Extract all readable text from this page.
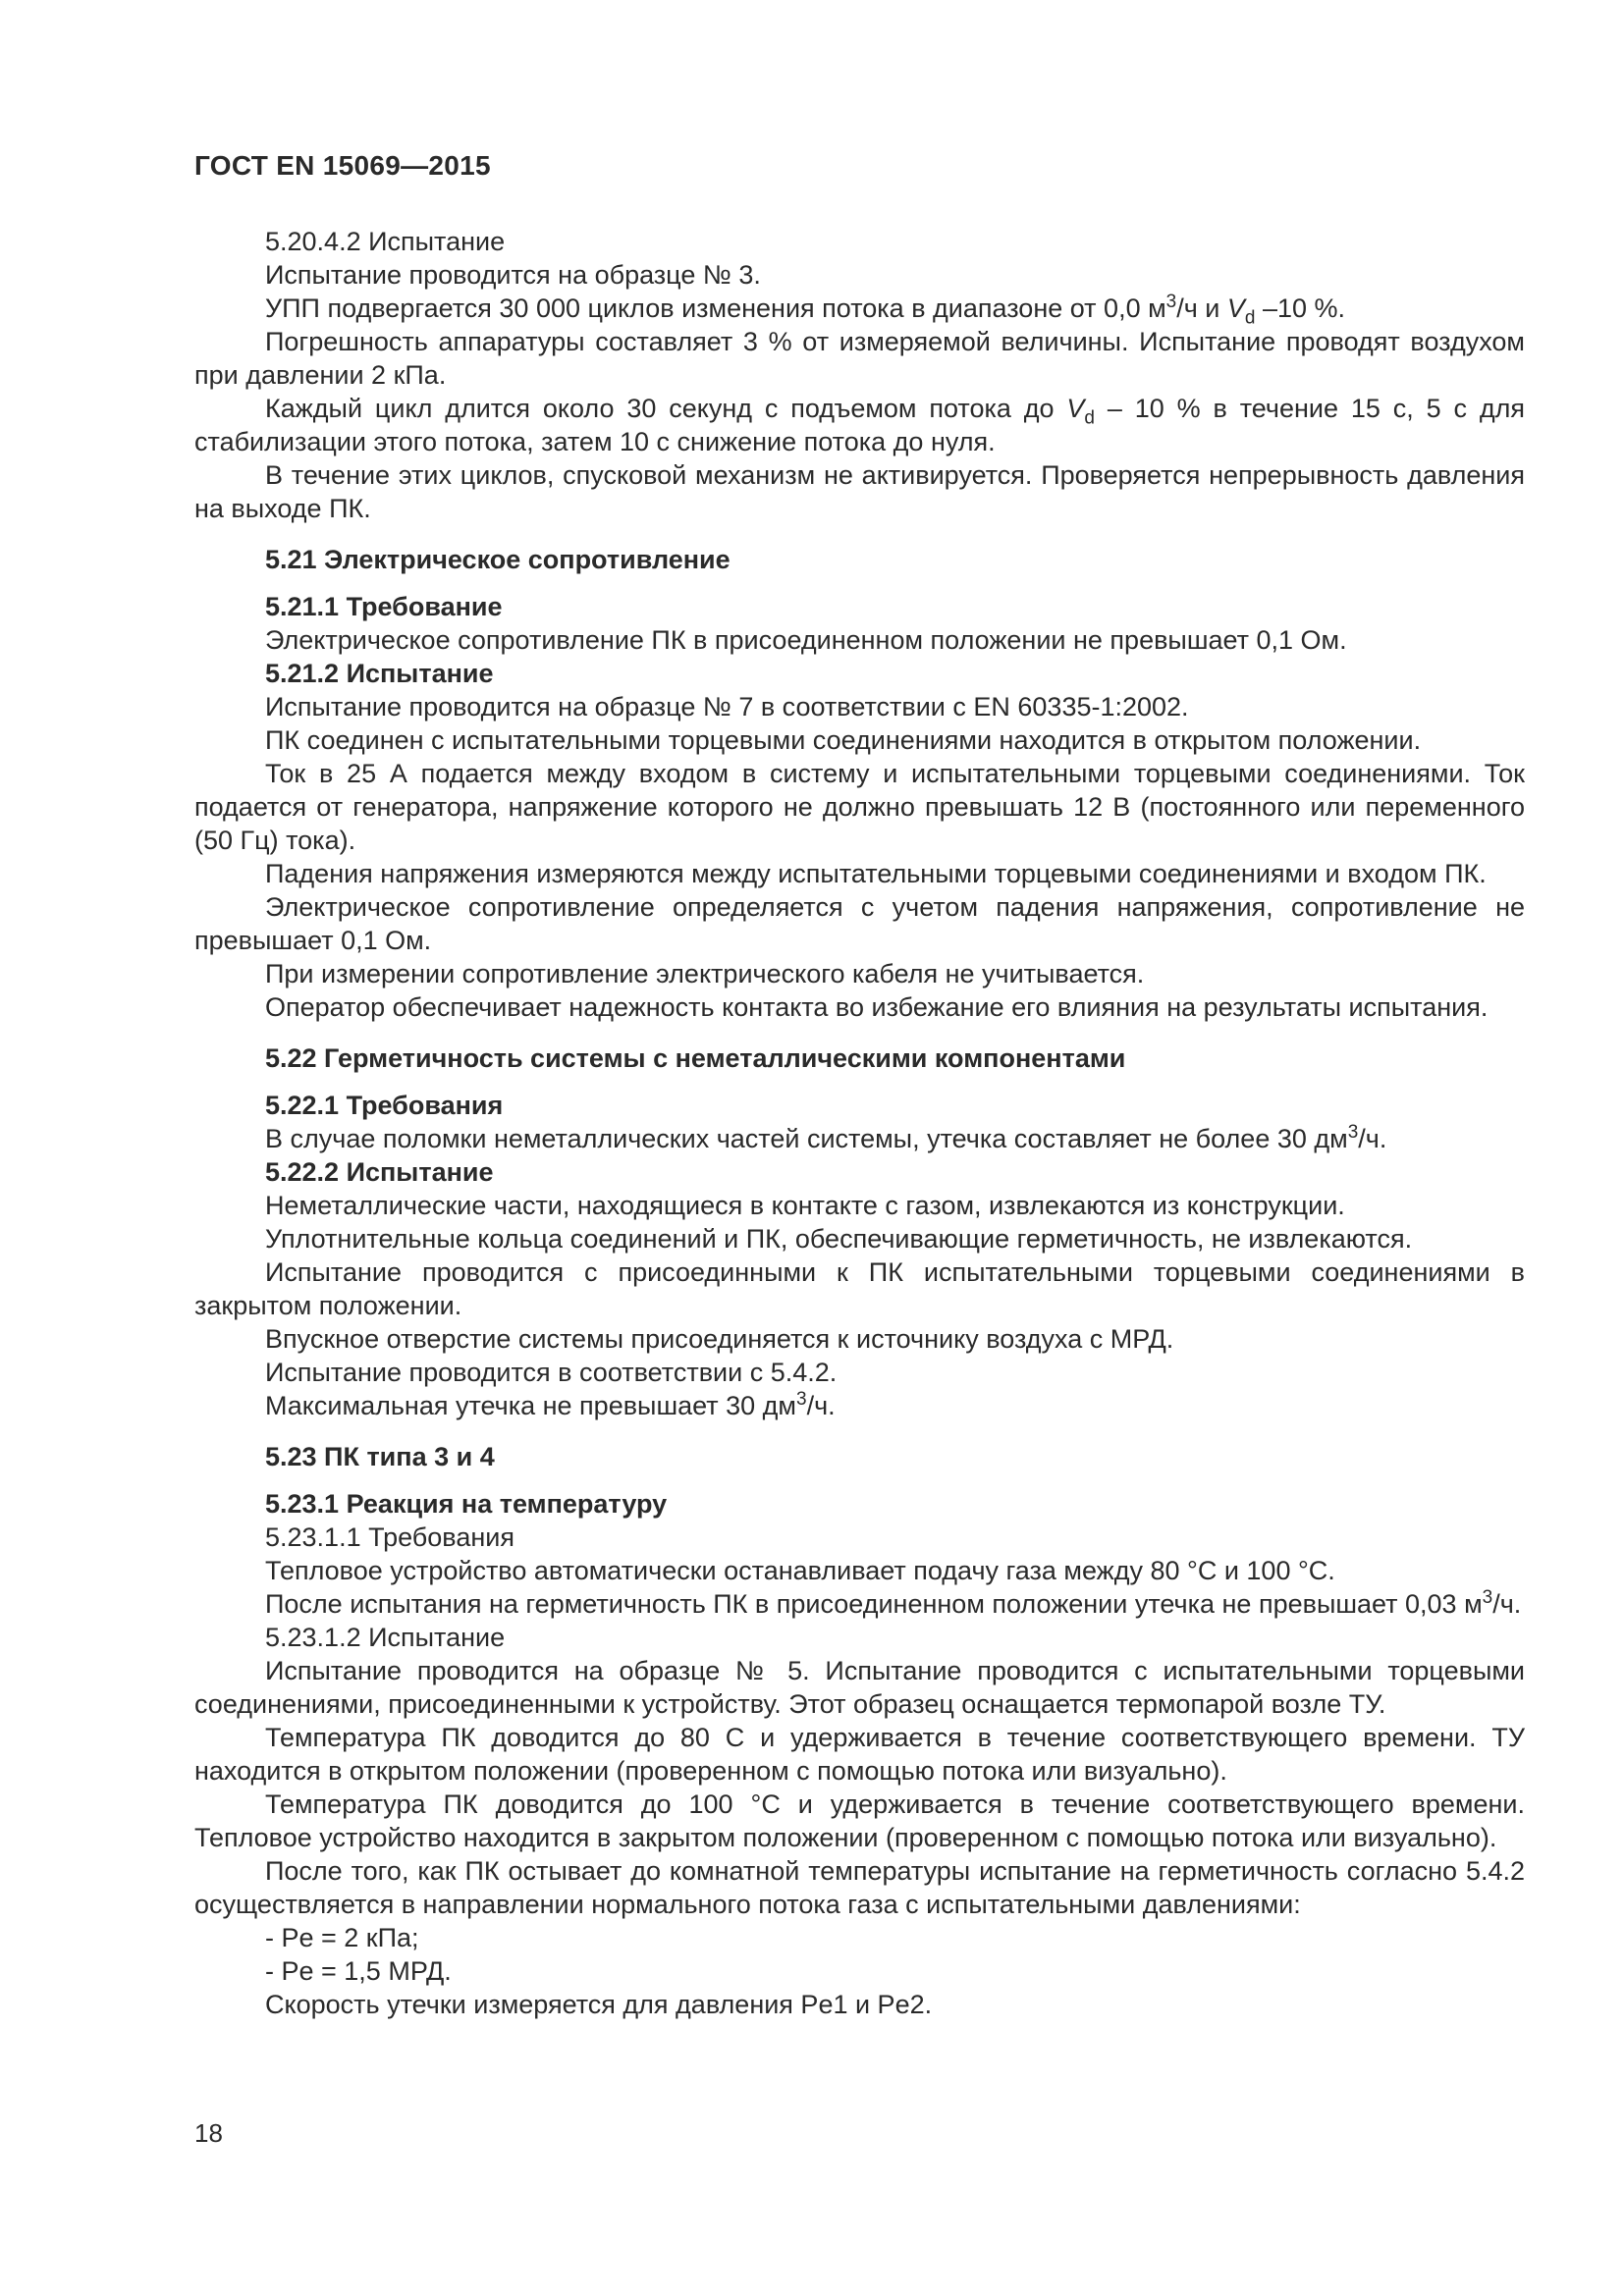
ГОСТ EN 15069—2015

5.20.4.2 Испытание

Испытание проводится на образце № 3.

УПП подвергается 30 000 циклов изменения потока в диапазоне от 0,0 $м^3/ч$ и $V_d$ –10 %.

Погрешность аппаратуры составляет 3 % от измеряемой величины. Испытание проводят воздухом при давлении 2 кПа.

Каждый цикл длится около 30 секунд с подъемом потока до $V_d - 10$ % в течение 15 с, 5 с для стабилизации этого потока, затем 10 с снижение потока до нуля.

В течение этих циклов, спусковой механизм не активируется. Проверяется непрерывность давления на выходе ПК.

5.21 Электрическое сопротивление

5.21.1 Требование

Электрическое сопротивление ПК в присоединенном положении не превышает 0,1 Ом.

5.21.2 Испытание

Испытание проводится на образце № 7 в соответствии с EN 60335-1:2002.

ПК соединен с испытательными торцевыми соединениями находится в открытом положении.

Ток в 25 А подается между входом в систему и испытательными торцевыми соединениями. Ток подается от генератора, напряжение которого не должно превышать 12 В (постоянного или переменного (50 Гц) тока).

Падения напряжения измеряются между испытательными торцевыми соединениями и входом ПК.

Электрическое сопротивление определяется с учетом падения напряжения, сопротивление не превышает 0,1 Ом.

При измерении сопротивление электрического кабеля не учитывается.

Оператор обеспечивает надежность контакта во избежание его влияния на результаты испытания.

5.22 Герметичность системы с неметаллическими компонентами

5.22.1 Требования

В случае поломки неметаллических частей системы, утечка составляет не более 30 $дм^3/ч$.

5.22.2 Испытание

Неметаллические части, находящиеся в контакте с газом, извлекаются из конструкции.

Уплотнительные кольца соединений и ПК, обеспечивающие герметичность, не извлекаются.

Испытание проводится с присоединными к ПК испытательными торцевыми соединениями в закрытом положении.

Впускное отверстие системы присоединяется к источнику воздуха с МРД.

Испытание проводится в соответствии с 5.4.2.

Максимальная утечка не превышает 30 $дм^3/ч$.

5.23 ПК типа 3 и 4

5.23.1 Реакция на температуру

5.23.1.1 Требования

Тепловое устройство автоматически останавливает подачу газа между 80 °С и 100 °С.

После испытания на герметичность ПК в присоединенном положении утечка не превышает 0,03 $м^3/ч$.

5.23.1.2 Испытание

Испытание проводится на образце № 5. Испытание проводится с испытательными торцевыми соединениями, присоединенными к устройству. Этот образец оснащается термопарой возле ТУ.

Температура ПК доводится до 80 С и удерживается в течение соответствующего времени. ТУ находится в открытом положении (проверенном с помощью потока или визуально).

Температура ПК доводится до 100 °С и удерживается в течение соответствующего времени. Тепловое устройство находится в закрытом положении (проверенном с помощью потока или визуально).

После того, как ПК остывает до комнатной температуры испытание на герметичность согласно 5.4.2 осуществляется в направлении нормального потока газа с испытательными давлениями:

- Pe = 2 кПа;

- Pe = 1,5 МРД.

Скорость утечки измеряется для давления Pe1 и Pe2.

18
